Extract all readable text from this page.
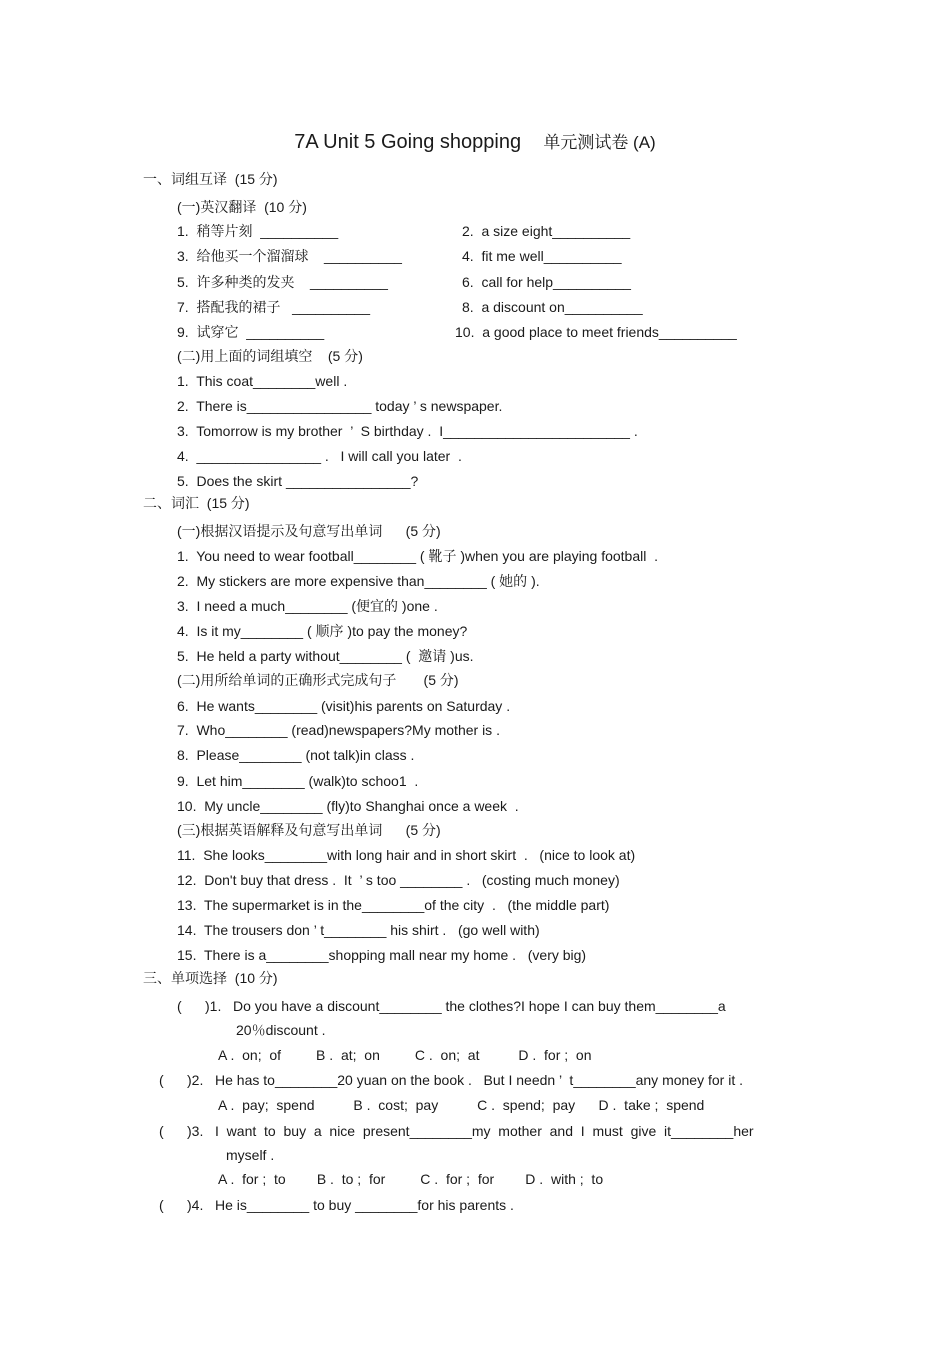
7A Unit 5 Going shopping 单元测试卷 (A)
一、词组互译  (15 分)
(一)英汉翻译  (10 分)
1. 稍等片刻  __________	2. a size eight__________
3. 给他买一个溜溜球    __________	4. fit me well__________
5. 许多种类的发夹    __________	6. call for help__________
7. 搭配我的裙子   __________	8. a discount on__________
9. 试穿它  __________	10. a good place to meet friends__________
(二)用上面的词组填空    (5 分)
1. This coat________well .
2. There is________________ today ’ s newspaper.
3. Tomorrow is my brother  ’  S birthday .  I________________________ .
4. ________________ .   I will call you later  .
5. Does the skirt ________________?
二、词汇  (15 分)
(一)根据汉语提示及句意写出单词      (5 分)
1. You need to wear football________ ( 靴子 )when you are playing football  .
2. My stickers are more expensive than________ ( 她的 ).
3. I need a much________ (便宜的 )one .
4. Is it my________ ( 顺序 )to pay the money?
5. He held a party without________ (  邀请 )us.
(二)用所给单词的正确形式完成句子       (5 分)
6. He wants________ (visit)his parents on Saturday .
7. Who________ (read)newspapers?My mother is .
8. Please________ (not talk)in class .
9. Let him________ (walk)to schoo1  .
10. My uncle________ (fly)to Shanghai once a week  .
(三)根据英语解释及句意写出单词      (5 分)
11. She looks________with long hair and in short skirt  .   (nice to look at)
12. Don't buy that dress .  It  ’ s too ________ .   (costing much money)
13. The supermarket is in the________of the city  .   (the middle part)
14. The trousers don ’ t________ his shirt .   (go well with)
15. There is a________shopping mall near my home .   (very big)
三、单项选择  (10 分)
(      )1. Do you have a discount________ the clothes?I hope I can buy them________a
20％discount .
A .  on;  of         B .  at;  on         C .  on;  at          D .  for ;  on
(      )2. He has to________20 yuan on the book .   But I needn ’  t________any money for it .
A .  pay;  spend          B .  cost;  pay          C .  spend;  pay      D .  take ;  spend
(      )3. I  want  to  buy  a  nice  present________my  mother  and  I  must  give  it________her
myself .
A .  for ;  to        B .  to ;  for         C .  for ;  for        D .  with ;  to
(      )4. He is________ to buy ________for his parents .
